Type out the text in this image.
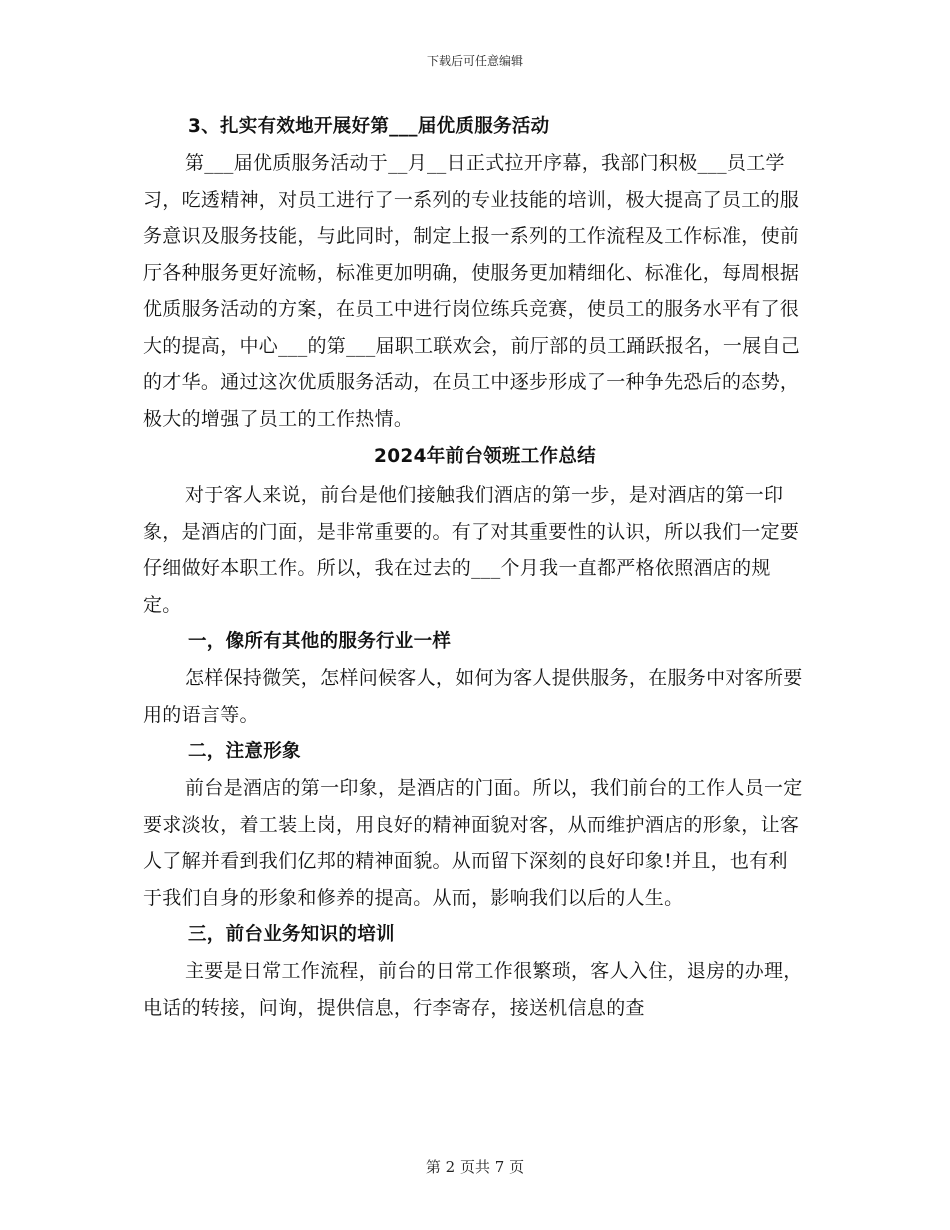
下载后可任意编辑

3、扎实有效地开展好第___届优质服务活动

第___届优质服务活动于__月__日正式拉开序幕，我部门积极___员工学习，吃透精神，对员工进行了一系列的专业技能的培训，极大提高了员工的服务意识及服务技能，与此同时，制定上报一系列的工作流程及工作标准，使前厅各种服务更好流畅，标准更加明确，使服务更加精细化、标准化，每周根据优质服务活动的方案，在员工中进行岗位练兵竞赛，使员工的服务水平有了很大的提高，中心___的第___届职工联欢会，前厅部的员工踊跃报名，一展自己的才华。通过这次优质服务活动，在员工中逐步形成了一种争先恐后的态势，极大的增强了员工的工作热情。

2024年前台领班工作总结

对于客人来说，前台是他们接触我们酒店的第一步，是对酒店的第一印象，是酒店的门面，是非常重要的。有了对其重要性的认识，所以我们一定要仔细做好本职工作。所以，我在过去的___个月我一直都严格依照酒店的规定。

一，像所有其他的服务行业一样

怎样保持微笑，怎样问候客人，如何为客人提供服务，在服务中对客所要用的语言等。

二，注意形象

前台是酒店的第一印象，是酒店的门面。所以，我们前台的工作人员一定要求淡妆，着工装上岗，用良好的精神面貌对客，从而维护酒店的形象，让客人了解并看到我们亿邦的精神面貌。从而留下深刻的良好印象!并且，也有利于我们自身的形象和修养的提高。从而，影响我们以后的人生。

三，前台业务知识的培训

主要是日常工作流程，前台的日常工作很繁琐，客人入住，退房的办理，电话的转接，问询，提供信息，行李寄存，接送机信息的查

第 2 页共 7 页
